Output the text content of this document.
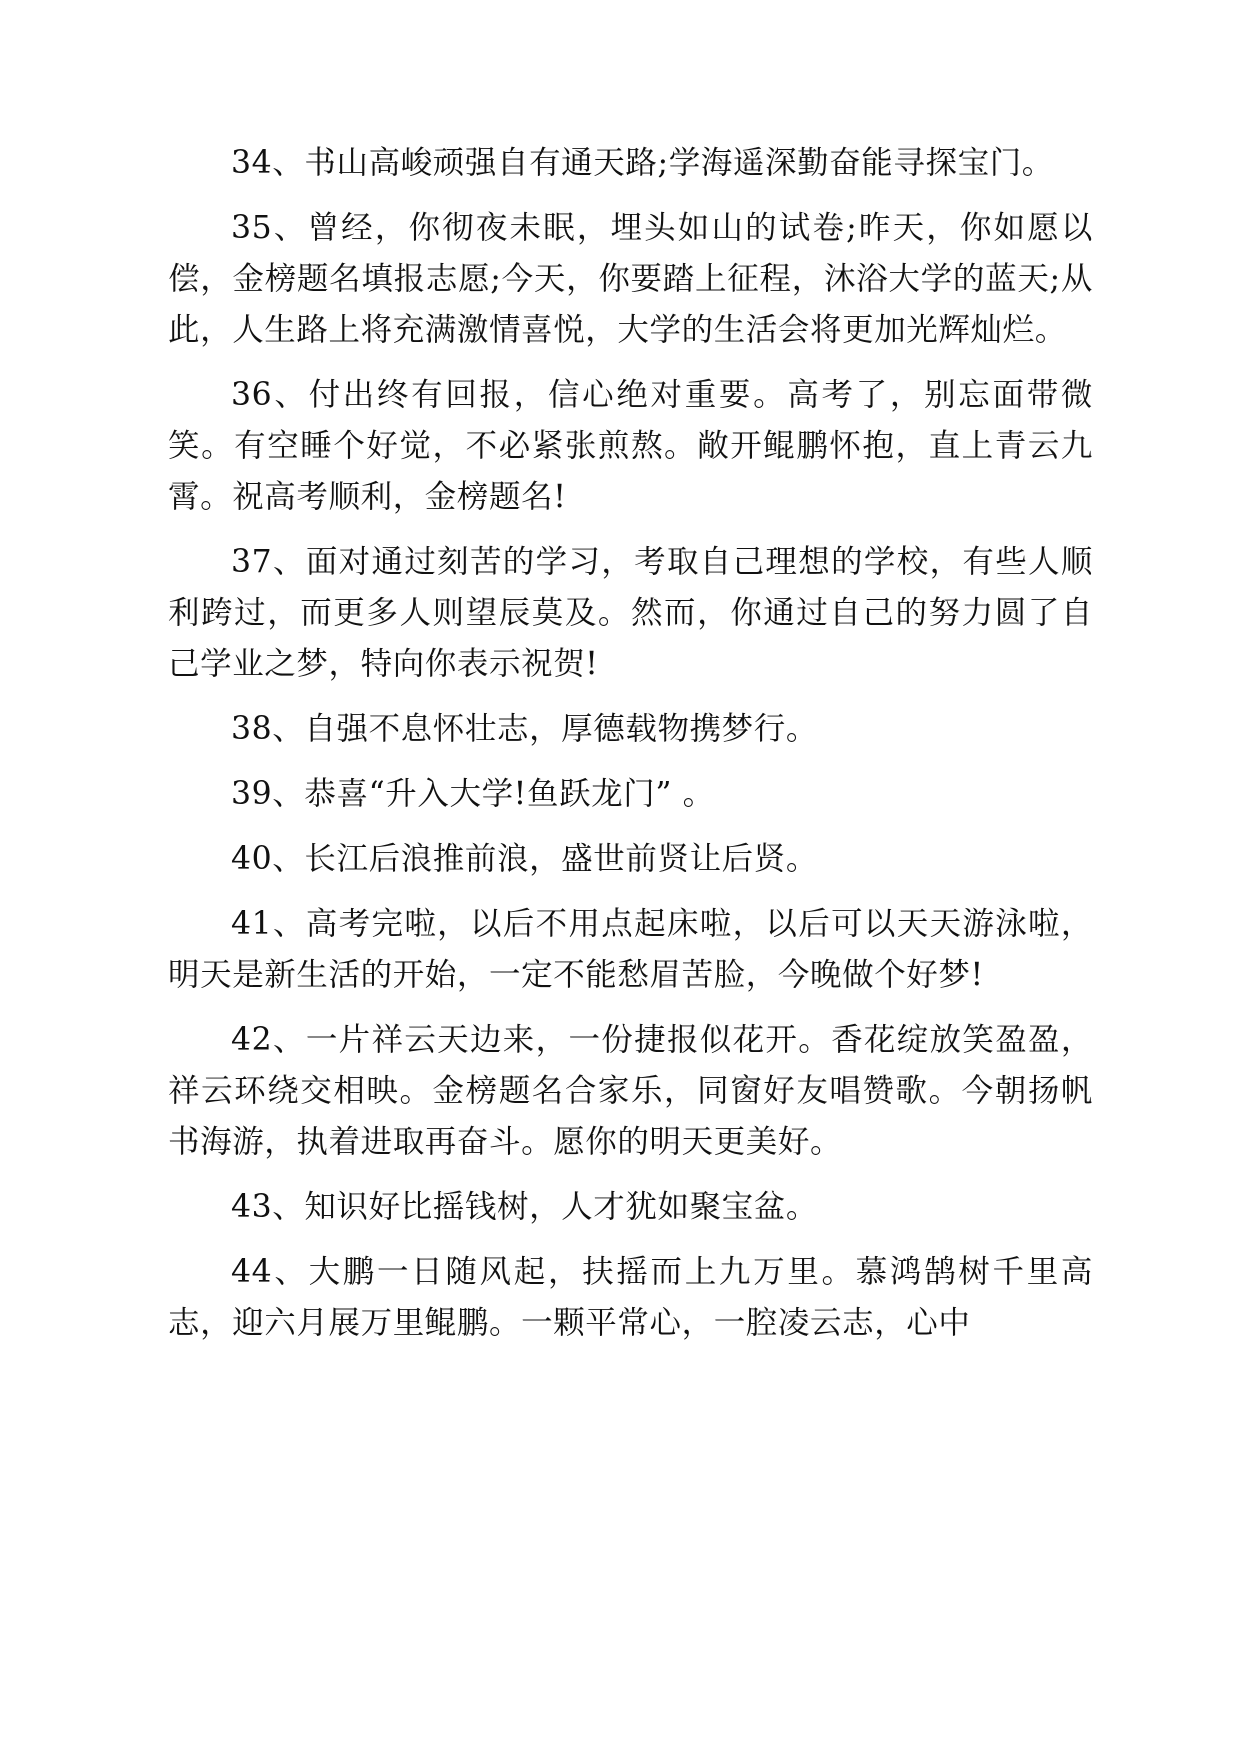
34、书山高峻顽强自有通天路;学海遥深勤奋能寻探宝门。

35、曾经，你彻夜未眠，埋头如山的试卷;昨天，你如愿以偿，金榜题名填报志愿;今天，你要踏上征程，沐浴大学的蓝天;从此，人生路上将充满激情喜悦，大学的生活会将更加光辉灿烂。

36、付出终有回报，信心绝对重要。高考了，别忘面带微笑。有空睡个好觉，不必紧张煎熬。敞开鲲鹏怀抱，直上青云九霄。祝高考顺利，金榜题名!

37、面对通过刻苦的学习，考取自己理想的学校，有些人顺利跨过，而更多人则望辰莫及。然而，你通过自己的努力圆了自己学业之梦，特向你表示祝贺!

38、自强不息怀壮志，厚德载物携梦行。

39、恭喜“升入大学!鱼跃龙门” 。

40、长江后浪推前浪，盛世前贤让后贤。

41、高考完啦，以后不用点起床啦，以后可以天天游泳啦，明天是新生活的开始，一定不能愁眉苦脸，今晚做个好梦!

42、一片祥云天边来，一份捷报似花开。香花绽放笑盈盈，祥云环绕交相映。金榜题名合家乐，同窗好友唱赞歌。今朝扬帆书海游，执着进取再奋斗。愿你的明天更美好。

43、知识好比摇钱树，人才犹如聚宝盆。

44、大鹏一日随风起，扶摇而上九万里。慕鸿鹄树千里高志，迎六月展万里鲲鹏。一颗平常心，一腔凌云志，心中
